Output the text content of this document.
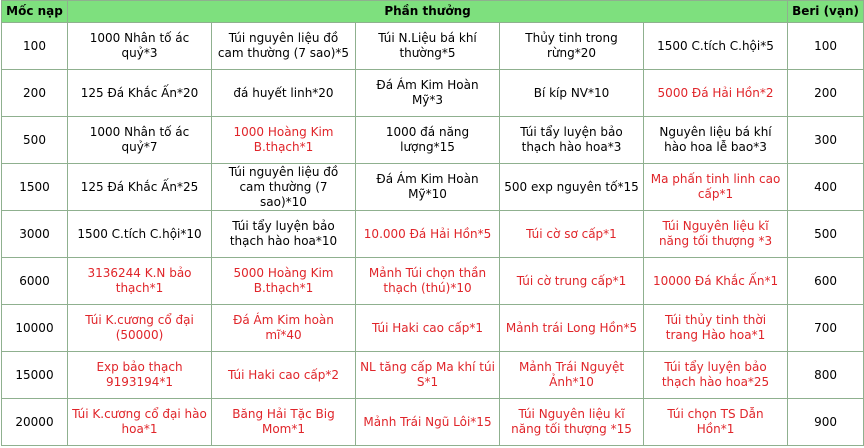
Mốc nạp	Phần thưởng					Beri (vạn)
100	1000 Nhân tố ác quỷ*3	Túi nguyên liệu đồ cam thường (7 sao)*5	Túi N.Liệu bá khí thường*5	Thủy tinh trong rừng*20	1500 C.tích C.hội*5	100
200	125 Đá Khắc Ấn*20	đá huyết linh*20	Đá Ám Kim Hoàn Mỹ*3	Bí kíp NV*10	5000 Đá Hải Hồn*2	200
500	1000 Nhân tố ác quỷ*7	1000 Hoàng Kim B.thạch*1	1000 đá năng lượng*15	Túi tẩy luyện bảo thạch hào hoa*3	Nguyên liệu bá khí hào hoa lễ bao*3	300
1500	125 Đá Khắc Ấn*25	Túi nguyên liệu đồ cam thường (7 sao)*10	Đá Ám Kim Hoàn Mỹ*10	500 exp nguyên tố*15	Ma phấn tinh linh cao cấp*1	400
3000	1500 C.tích C.hội*10	Túi tẩy luyện bảo thạch hào hoa*10	10.000 Đá Hải Hồn*5	Túi cờ sơ cấp*1	Túi Nguyên liệu kĩ năng tối thượng *3	500
6000	3136244 K.N bảo thạch*1	5000 Hoàng Kim B.thạch*1	Mảnh Túi chọn thần thạch (thú)*10	Túi cờ trung cấp*1	10000 Đá Khắc Ấn*1	600
10000	Túi K.cương cổ đại (50000)	Đá Ám Kim hoàn mĩ*40	Túi Haki cao cấp*1	Mảnh trái Long Hồn*5	Túi thủy tinh thời trang Hào hoa*1	700
15000	Exp bảo thạch 9193194*1	Túi Haki cao cấp*2	NL tăng cấp Ma khí túi S*1	Mảnh Trái Nguyệt Ảnh*10	Túi tẩy luyện bảo thạch hào hoa*25	800
20000	Túi K.cương cổ đại hào hoa*1	Băng Hải Tặc Big Mom*1	Mảnh Trái Ngũ Lôi*15	Túi Nguyên liệu kĩ năng tối thượng *15	Túi chọn TS Dẫn Hồn*1	900
